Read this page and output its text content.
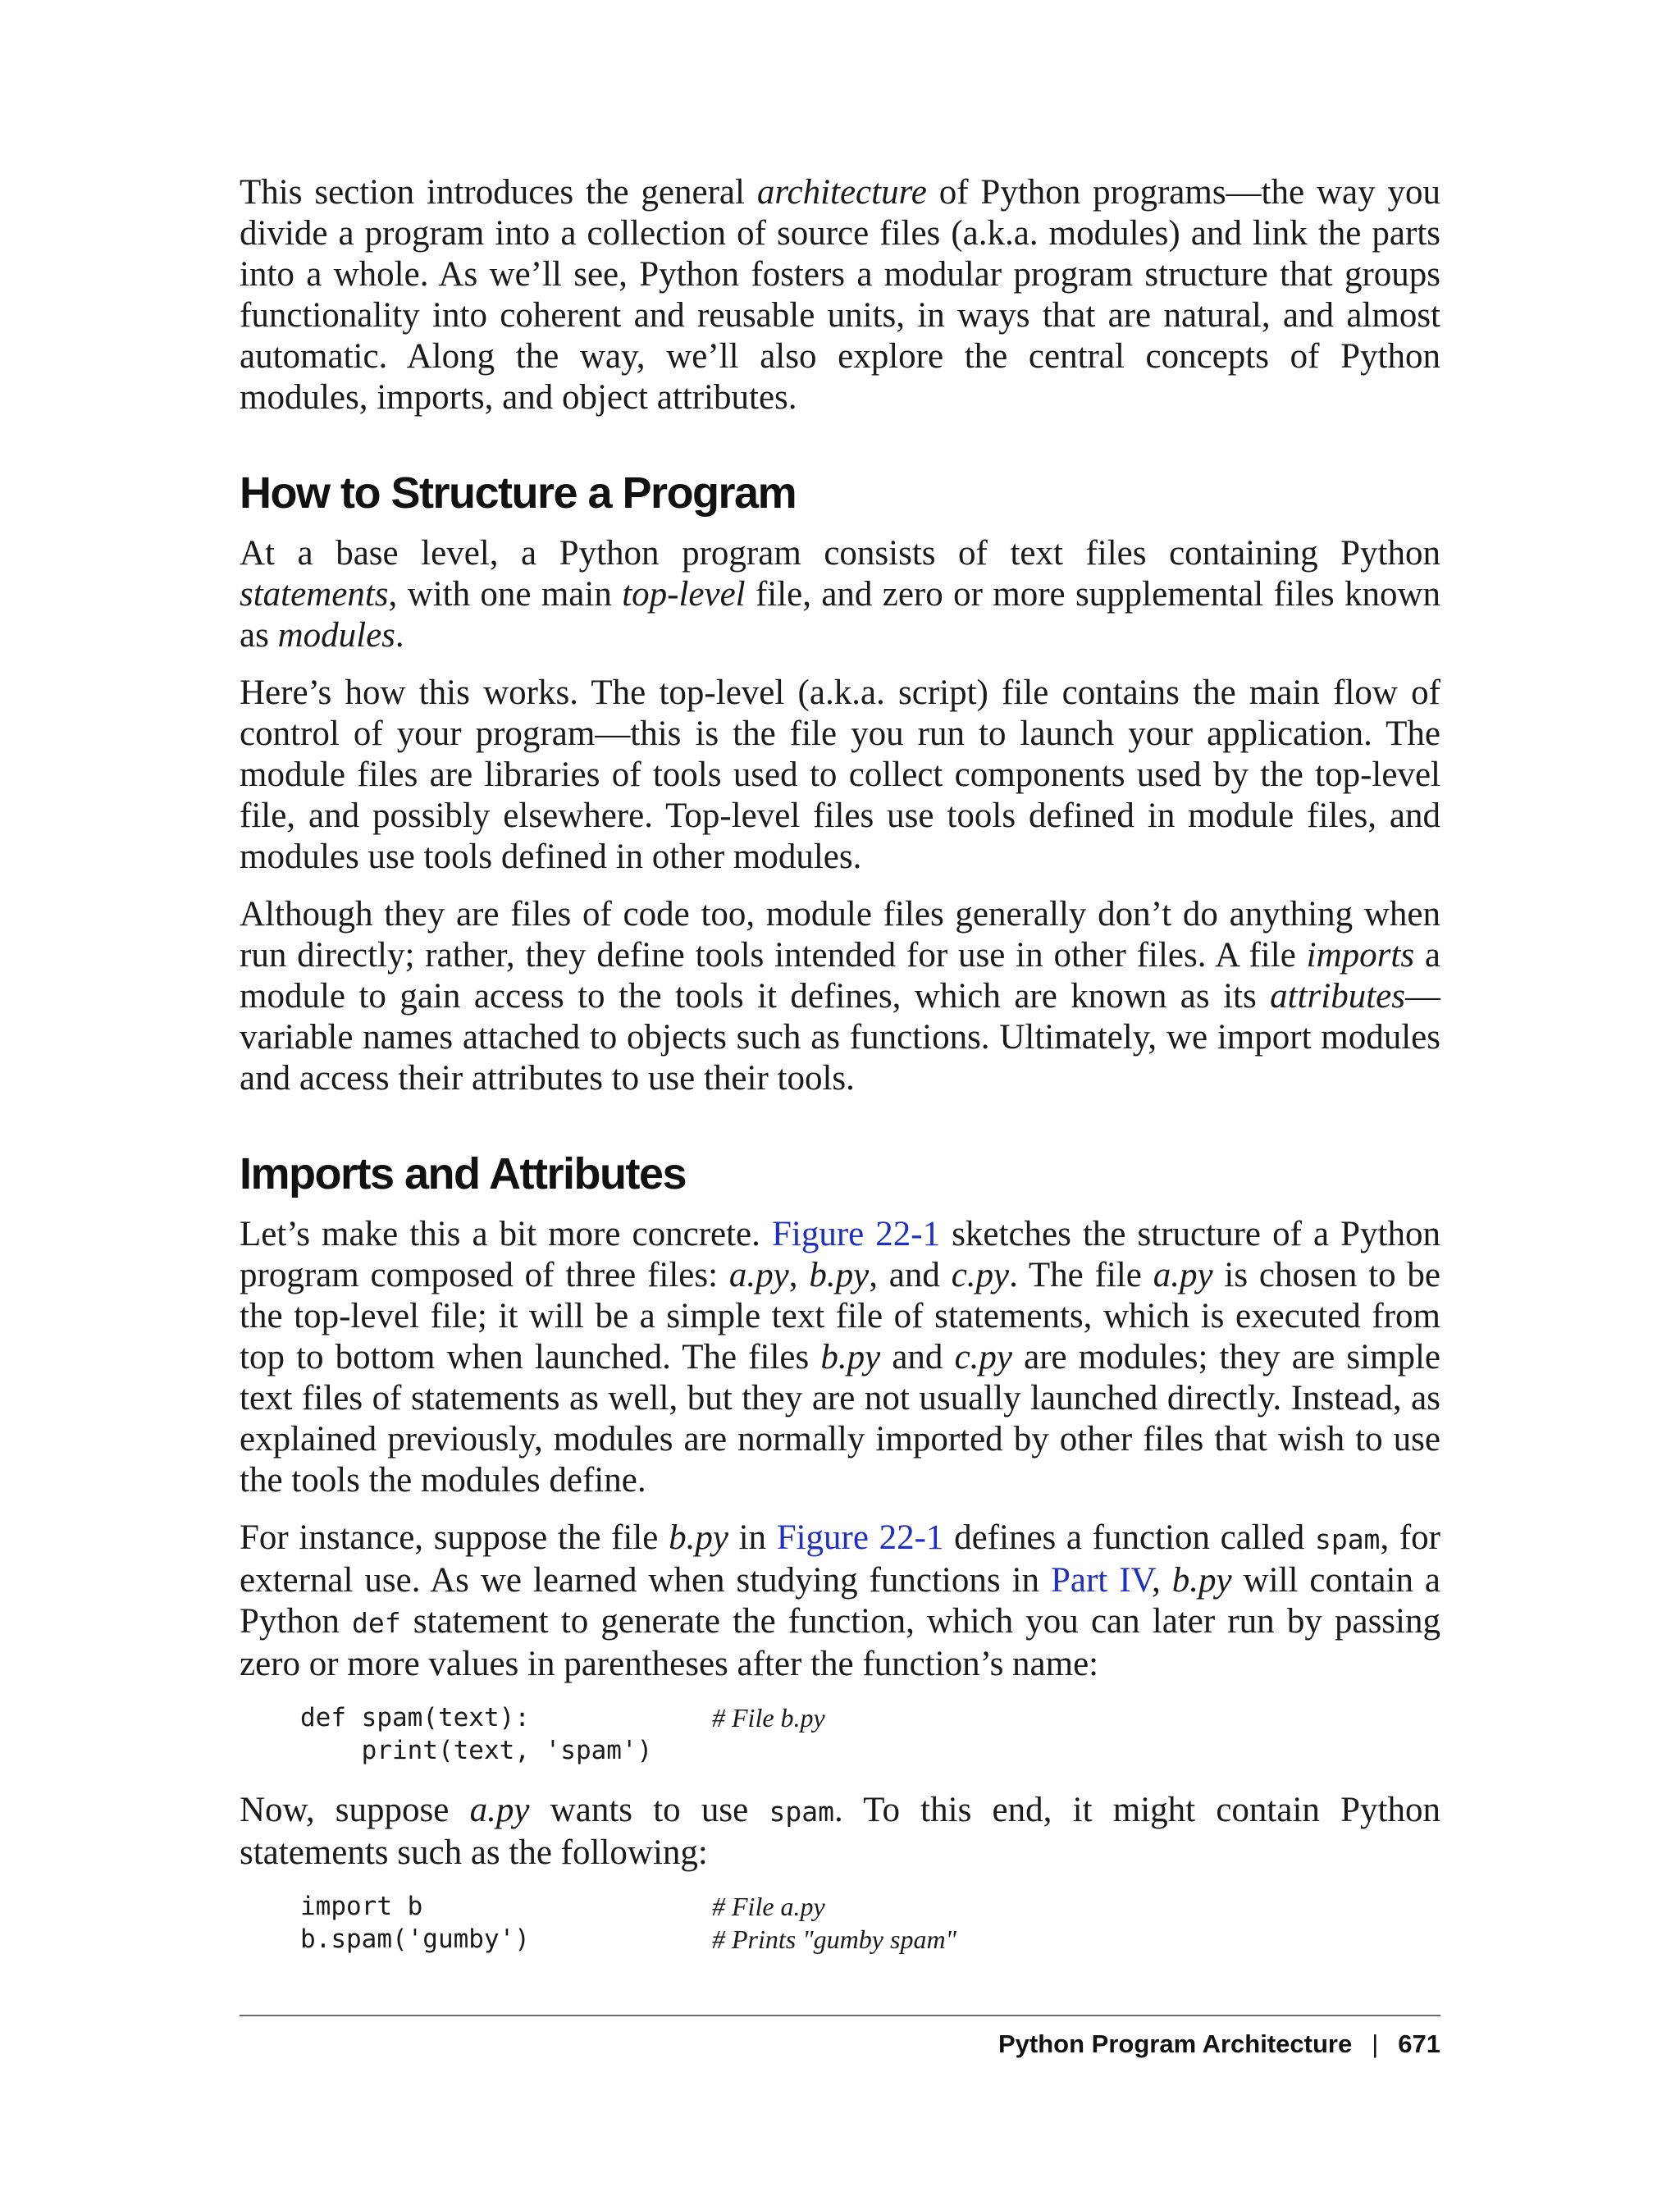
This section introduces the general architecture of Python programs—the way you divide a program into a collection of source files (a.k.a. modules) and link the parts into a whole. As we’ll see, Python fosters a modular program structure that groups functionality into coherent and reusable units, in ways that are natural, and almost automatic. Along the way, we’ll also explore the central concepts of Python modules, imports, and object attributes.

How to Structure a Program

At a base level, a Python program consists of text files containing Python statements, with one main top-level file, and zero or more supplemental files known as modules.

Here’s how this works. The top-level (a.k.a. script) file contains the main flow of control of your program—this is the file you run to launch your application. The module files are libraries of tools used to collect components used by the top-level file, and possibly elsewhere. Top-level files use tools defined in module files, and modules use tools defined in other modules.

Although they are files of code too, module files generally don’t do anything when run directly; rather, they define tools intended for use in other files. A file imports a module to gain access to the tools it defines, which are known as its attributes—variable names attached to objects such as functions. Ultimately, we import modules and access their attributes to use their tools.

Imports and Attributes

Let’s make this a bit more concrete. Figure 22-1 sketches the structure of a Python program composed of three files: a.py, b.py, and c.py. The file a.py is chosen to be the top-level file; it will be a simple text file of statements, which is executed from top to bottom when launched. The files b.py and c.py are modules; they are simple text files of statements as well, but they are not usually launched directly. Instead, as explained previously, modules are normally imported by other files that wish to use the tools the modules define.

For instance, suppose the file b.py in Figure 22-1 defines a function called spam, for external use. As we learned when studying functions in Part IV, b.py will contain a Python def statement to generate the function, which you can later run by passing zero or more values in parentheses after the function’s name:

def spam(text):	# File b.py
print(text, 'spam')

Now, suppose a.py wants to use spam. To this end, it might contain Python statements such as the following:

import b	# File a.py
b.spam('gumby')	# Prints "gumby spam"
Python Program Architecture | 671
